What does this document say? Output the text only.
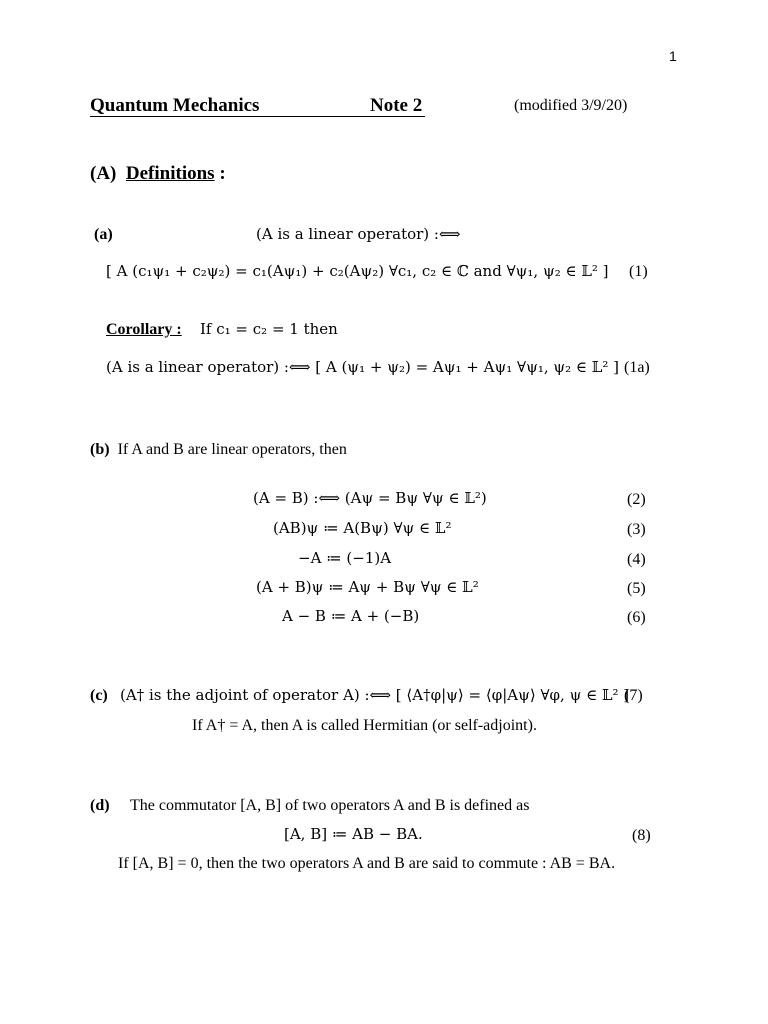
1
Quantum Mechanics	Note 2	(modified 3/9/20)
(A) Definitions :
(a)	(A is a linear operator) :⟺
[ A (c₁ψ₁ + c₂ψ₂) = c₁(Aψ₁) + c₂(Aψ₂) ∀c₁, c₂ ∈ ℂ and ∀ψ₁, ψ₂ ∈ 𝕃² ] (1)
Corollary : If c₁ = c₂ = 1 then
(A is a linear operator) :⟺ [ A (ψ₁ + ψ₂) = Aψ₁ + Aψ₁ ∀ψ₁, ψ₂ ∈ 𝕃² ] (1a)
(b) If A and B are linear operators, then
(A = B) :⟺ (Aψ = Bψ ∀ψ ∈ 𝕃²)	(2)
(AB)ψ ≔ A(Bψ) ∀ψ ∈ 𝕃²	(3)
−A ≔ (−1)A	(4)
(A + B)ψ ≔ Aψ + Bψ ∀ψ ∈ 𝕃²	(5)
A − B ≔ A + (−B)	(6)
(c) (A† is the adjoint of operator A) :⟺ [ ⟨A†φ|ψ⟩ = ⟨φ|Aψ⟩ ∀φ, ψ ∈ 𝕃² ]
(7)
If A† = A, then A is called Hermitian (or self-adjoint).
(d) The commutator [A, B] of two operators A and B is defined as
[A, B] ≔ AB − BA.	(8)
If [A, B] = 0, then the two operators A and B are said to commute : AB = BA.
